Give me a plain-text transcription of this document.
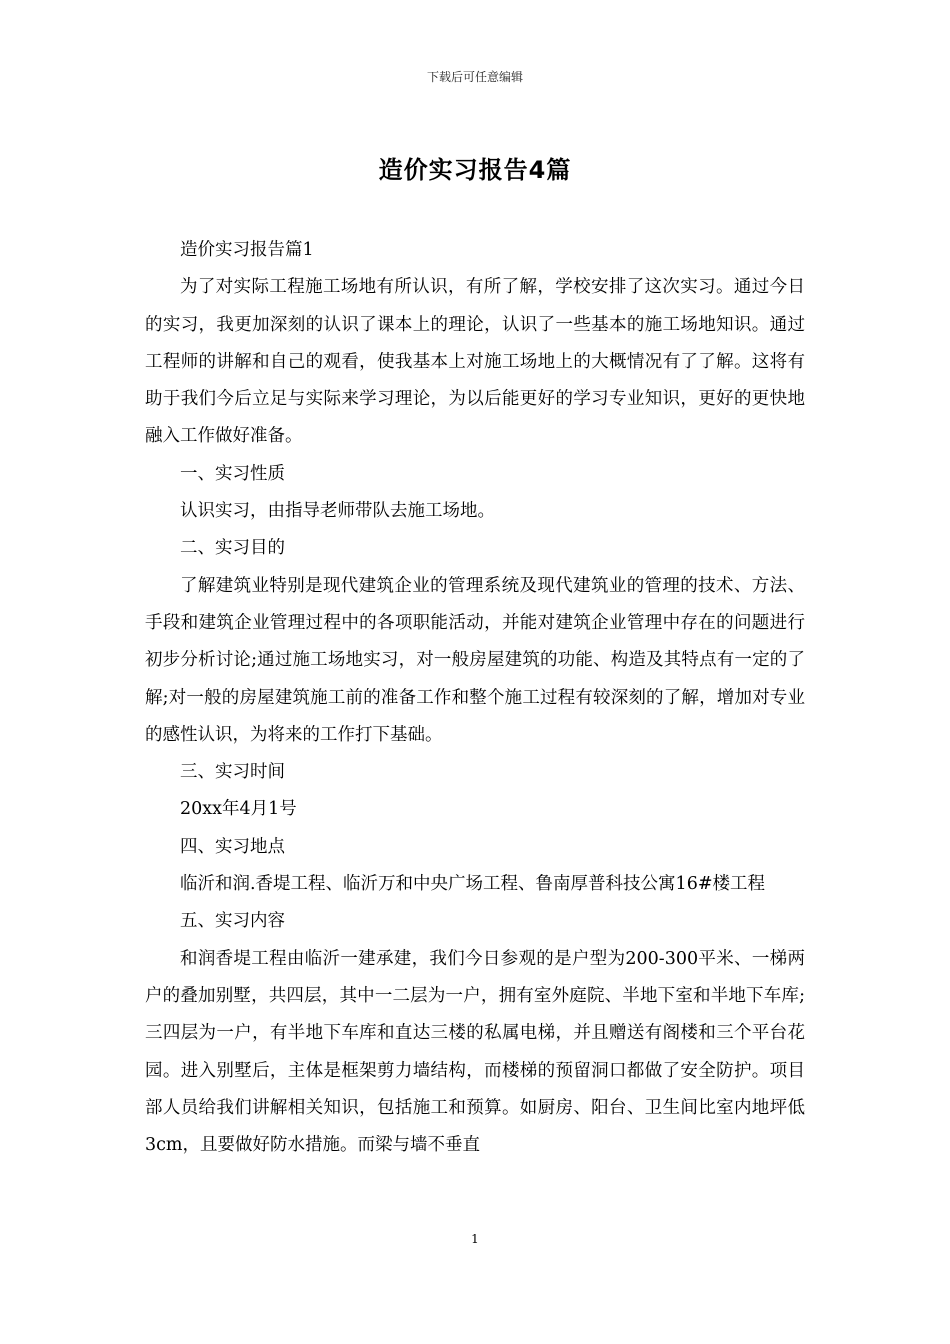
下载后可任意编辑
造价实习报告4篇

造价实习报告篇1

为了对实际工程施工场地有所认识，有所了解，学校安排了这次实习。通过今日的实习，我更加深刻的认识了课本上的理论，认识了一些基本的施工场地知识。通过工程师的讲解和自己的观看，使我基本上对施工场地上的大概情况有了了解。这将有助于我们今后立足与实际来学习理论，为以后能更好的学习专业知识，更好的更快地融入工作做好准备。

一、实习性质

认识实习，由指导老师带队去施工场地。

二、实习目的

了解建筑业特别是现代建筑企业的管理系统及现代建筑业的管理的技术、方法、手段和建筑企业管理过程中的各项职能活动，并能对建筑企业管理中存在的问题进行初步分析讨论;通过施工场地实习，对一般房屋建筑的功能、构造及其特点有一定的了解;对一般的房屋建筑施工前的准备工作和整个施工过程有较深刻的了解，增加对专业的感性认识，为将来的工作打下基础。

三、实习时间

20xx年4月1号

四、实习地点

临沂和润.香堤工程、临沂万和中央广场工程、鲁南厚普科技公寓16#楼工程

五、实习内容

和润香堤工程由临沂一建承建，我们今日参观的是户型为200-300平米、一梯两户的叠加别墅，共四层，其中一二层为一户，拥有室外庭院、半地下室和半地下车库;三四层为一户，有半地下车库和直达三楼的私属电梯，并且赠送有阁楼和三个平台花园。进入别墅后，主体是框架剪力墙结构，而楼梯的预留洞口都做了安全防护。项目部人员给我们讲解相关知识，包括施工和预算。如厨房、阳台、卫生间比室内地坪低3cm，且要做好防水措施。而梁与墙不垂直

1
